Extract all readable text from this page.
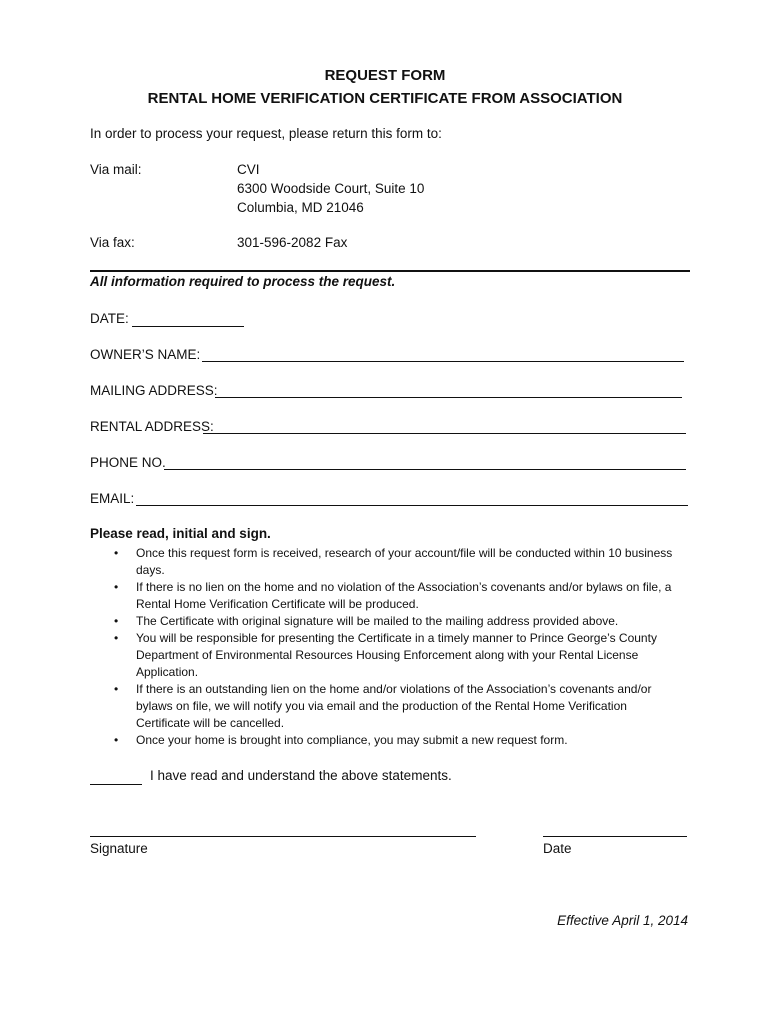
REQUEST FORM
RENTAL HOME VERIFICATION CERTIFICATE FROM ASSOCIATION
In order to process your request, please return this form to:
Via mail:	CVI
6300 Woodside Court, Suite 10
Columbia, MD 21046
Via fax:	301-596-2082 Fax
All information required to process the request.
DATE:
OWNER’S NAME:
MAILING ADDRESS:
RENTAL ADDRESS:
PHONE NO.
EMAIL:
Please read, initial and sign.
• Once this request form is received, research of your account/file will be conducted within 10 business days.
• If there is no lien on the home and no violation of the Association’s covenants and/or bylaws on file, a Rental Home Verification Certificate will be produced.
• The Certificate with original signature will be mailed to the mailing address provided above.
• You will be responsible for presenting the Certificate in a timely manner to Prince George’s County Department of Environmental Resources Housing Enforcement along with your Rental License Application.
• If there is an outstanding lien on the home and/or violations of the Association’s covenants and/or bylaws on file, we will notify you via email and the production of the Rental Home Verification Certificate will be cancelled.
• Once your home is brought into compliance, you may submit a new request form.
I have read and understand the above statements.
Signature	Date
Effective April 1, 2014
